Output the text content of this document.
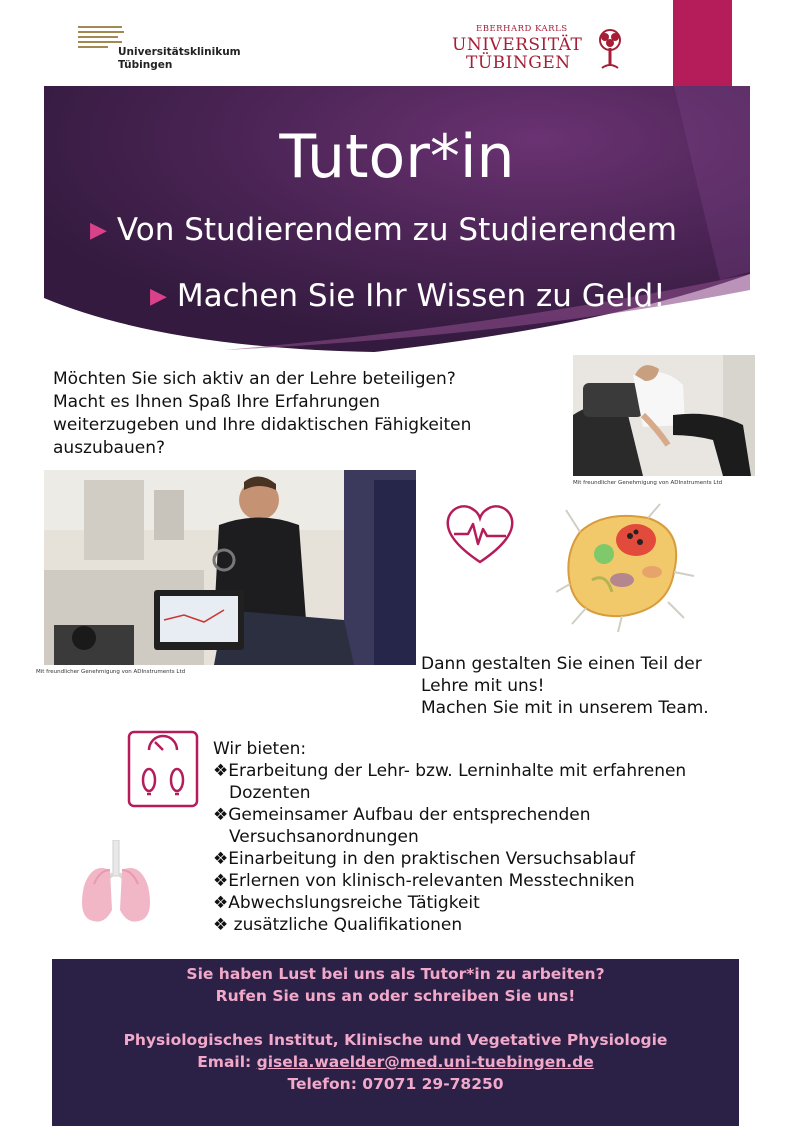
Universitätsklinikum
Tübingen
EBERHARD KARLS
UNIVERSITÄT
TÜBINGEN
Tutor*in
▶ Von Studierendem zu Studierendem
▶ Machen Sie Ihr Wissen zu Geld!
Möchten Sie sich aktiv an der Lehre beteiligen?
Macht es Ihnen Spaß Ihre Erfahrungen
weiterzugeben und Ihre didaktischen Fähigkeiten
auszubauen?
Mit freundlicher Genehmigung von ADInstruments Ltd
Mit freundlicher Genehmigung von ADInstruments Ltd	Dann gestalten Sie einen Teil der
Lehre mit uns!
Machen Sie mit in unserem Team.
Wir bieten:
❖Erarbeitung der Lehr- bzw. Lerninhalte mit erfahrenen Dozenten
❖Gemeinsamer Aufbau der entsprechenden Versuchsanordnungen
❖Einarbeitung in den praktischen Versuchsablauf
❖Erlernen von klinisch-relevanten Messtechniken
❖Abwechslungsreiche Tätigkeit
❖ zusätzliche Qualifikationen
Sie haben Lust bei uns als Tutor*in zu arbeiten?
Rufen Sie uns an oder schreiben Sie uns!
Physiologisches Institut, Klinische und Vegetative Physiologie
Email: gisela.waelder@med.uni-tuebingen.de
Telefon: 07071 29-78250
